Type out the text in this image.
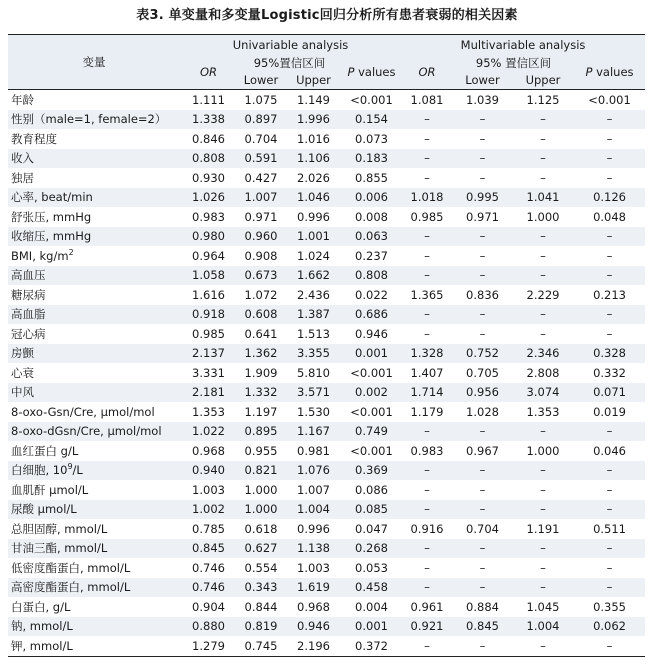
表3. 单变量和多变量Logistic回归分析所有患者衰弱的相关因素
变量	Univariable analysis				Multivariable analysis			
	OR	95%置信区间		P values	OR	95% 置信区间		P values
		Lower	Upper			Lower	Upper	
年龄	1.111	1.075	1.149	<0.001	1.081	1.039	1.125	<0.001
性别（male=1, female=2）	1.338	0.897	1.996	0.154	–	–	–	–
教育程度	0.846	0.704	1.016	0.073	–	–	–	–
收入	0.808	0.591	1.106	0.183	–	–	–	–
独居	0.930	0.427	2.026	0.855	–	–	–	–
心率, beat/min	1.026	1.007	1.046	0.006	1.018	0.995	1.041	0.126
舒张压, mmHg	0.983	0.971	0.996	0.008	0.985	0.971	1.000	0.048
收缩压, mmHg	0.980	0.960	1.001	0.063	–	–	–	–
BMI, $kg/m^2$	0.964	0.908	1.024	0.237	–	–	–	–
高血压	1.058	0.673	1.662	0.808	–	–	–	–
糖尿病	1.616	1.072	2.436	0.022	1.365	0.836	2.229	0.213
高血脂	0.918	0.608	1.387	0.686	–	–	–	–
冠心病	0.985	0.641	1.513	0.946	–	–	–	–
房颤	2.137	1.362	3.355	0.001	1.328	0.752	2.346	0.328
心衰	3.331	1.909	5.810	<0.001	1.407	0.705	2.808	0.332
中风	2.181	1.332	3.571	0.002	1.714	0.956	3.074	0.071
8-oxo-Gsn/Cre, μmol/mol	1.353	1.197	1.530	<0.001	1.179	1.028	1.353	0.019
8-oxo-dGsn/Cre, μmol/mol	1.022	0.895	1.167	0.749	–	–	–	–
血红蛋白 g/L	0.968	0.955	0.981	<0.001	0.983	0.967	1.000	0.046
白细胞, $10^9/L$	0.940	0.821	1.076	0.369	–	–	–	–
血肌酐 μmol/L	1.003	1.000	1.007	0.086	–	–	–	–
尿酸 μmol/L	1.002	1.000	1.004	0.085	–	–	–	–
总胆固醇, mmol/L	0.785	0.618	0.996	0.047	0.916	0.704	1.191	0.511
甘油三酯, mmol/L	0.845	0.627	1.138	0.268	–	–	–	–
低密度酯蛋白, mmol/L	0.746	0.554	1.003	0.053	–	–	–	–
高密度酯蛋白, mmol/L	0.746	0.343	1.619	0.458	–	–	–	–
白蛋白, g/L	0.904	0.844	0.968	0.004	0.961	0.884	1.045	0.355
钠, mmol/L	0.880	0.819	0.946	0.001	0.921	0.845	1.004	0.062
钾, mmol/L	1.279	0.745	2.196	0.372	–	–	–	–
